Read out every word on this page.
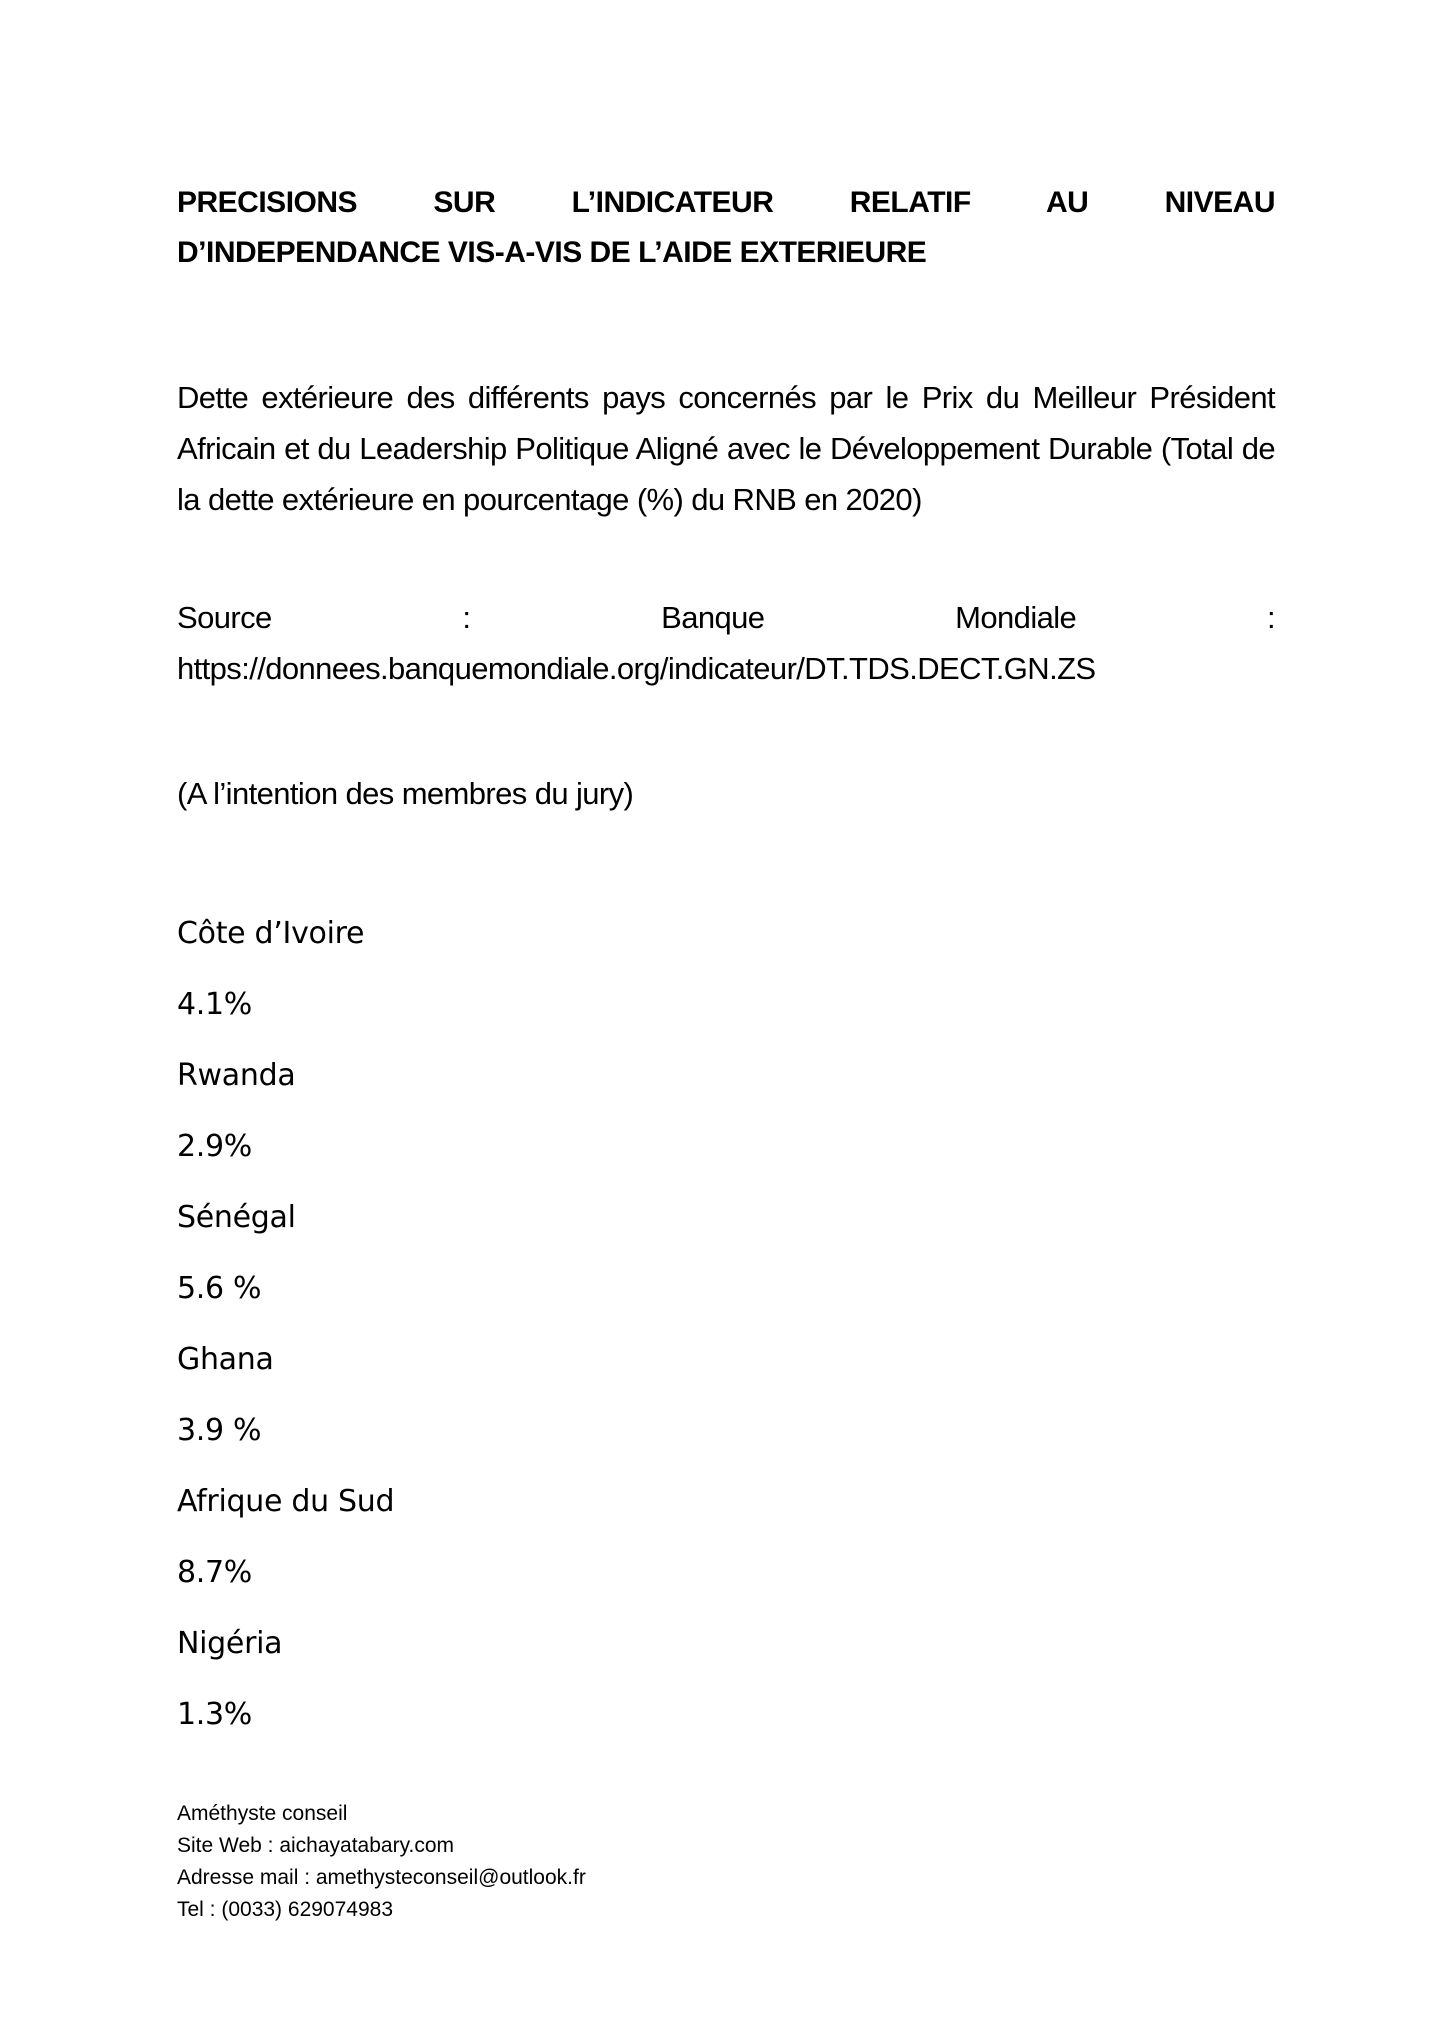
PRECISIONS	SUR	L’INDICATEUR	RELATIF	AU	NIVEAU
D’INDEPENDANCE VIS-A-VIS DE L’AIDE EXTERIEURE
Dette extérieure des différents pays concernés par le Prix du Meilleur Président Africain et du Leadership Politique Aligné avec le Développement Durable (Total de la dette extérieure en pourcentage (%) du RNB en 2020)
Source	:	Banque	Mondiale	:
https://donnees.banquemondiale.org/indicateur/DT.TDS.DECT.GN.ZS
(A l’intention des membres du jury)
Côte d’Ivoire
4.1%
Rwanda
2.9%
Sénégal
5.6 %
Ghana
3.9 %
Afrique du Sud
8.7%
Nigéria
1.3%
Améthyste conseil
Site Web : aichayatabary.com
Adresse mail : amethysteconseil@outlook.fr
Tel : (0033) 629074983
